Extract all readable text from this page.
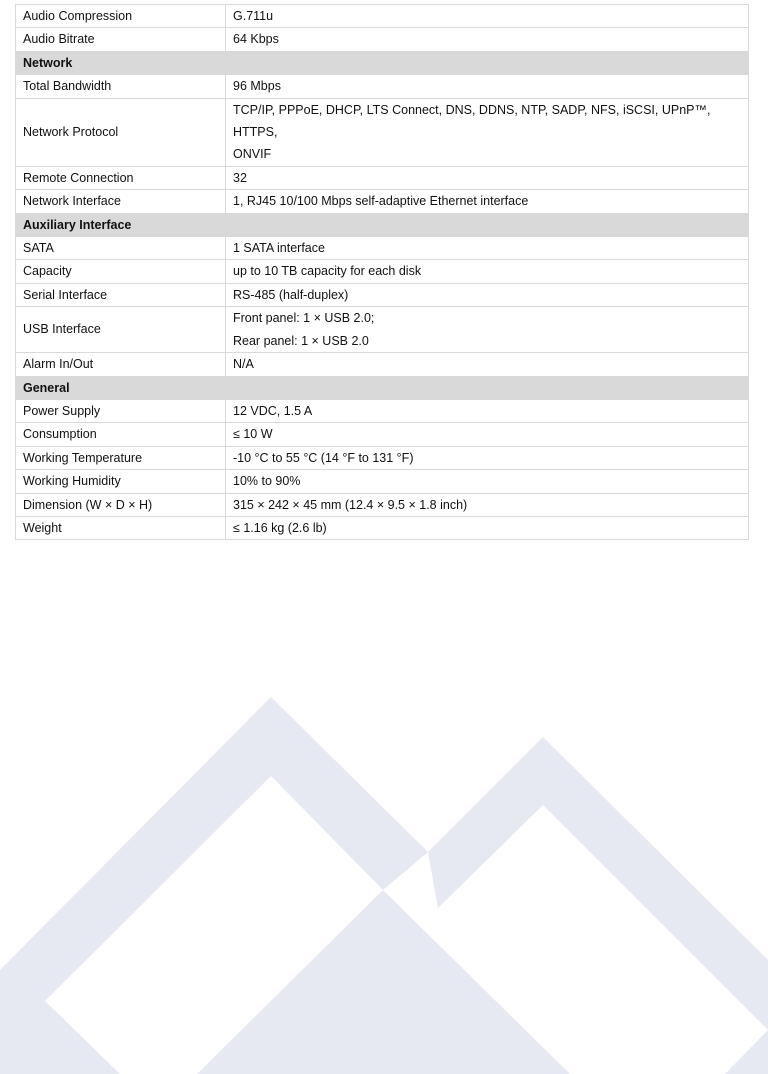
Audio Compression	G.711u
Audio Bitrate	64 Kbps
Network	
Total Bandwidth	96 Mbps
Network Protocol	TCP/IP, PPPoE, DHCP, LTS Connect, DNS, DDNS, NTP, SADP, NFS, iSCSI, UPnP™, HTTPS,
ONVIF

Remote Connection	32
Network Interface	1, RJ45 10/100 Mbps self-adaptive Ethernet interface
Auxiliary Interface	
SATA	1 SATA interface
Capacity	up to 10 TB capacity for each disk
Serial Interface	RS-485 (half-duplex)
USB Interface	Front panel: 1 × USB 2.0;
Rear panel: 1 × USB 2.0

Alarm In/Out	N/A
General	
Power Supply	12 VDC, 1.5 A
Consumption	≤ 10 W
Working Temperature	-10 °C to 55 °C (14 °F to 131 °F)
Working Humidity	10% to 90%
Dimension (W × D × H)	315 × 242 × 45 mm (12.4 × 9.5 × 1.8 inch)
Weight	≤ 1.16 kg (2.6 lb)
